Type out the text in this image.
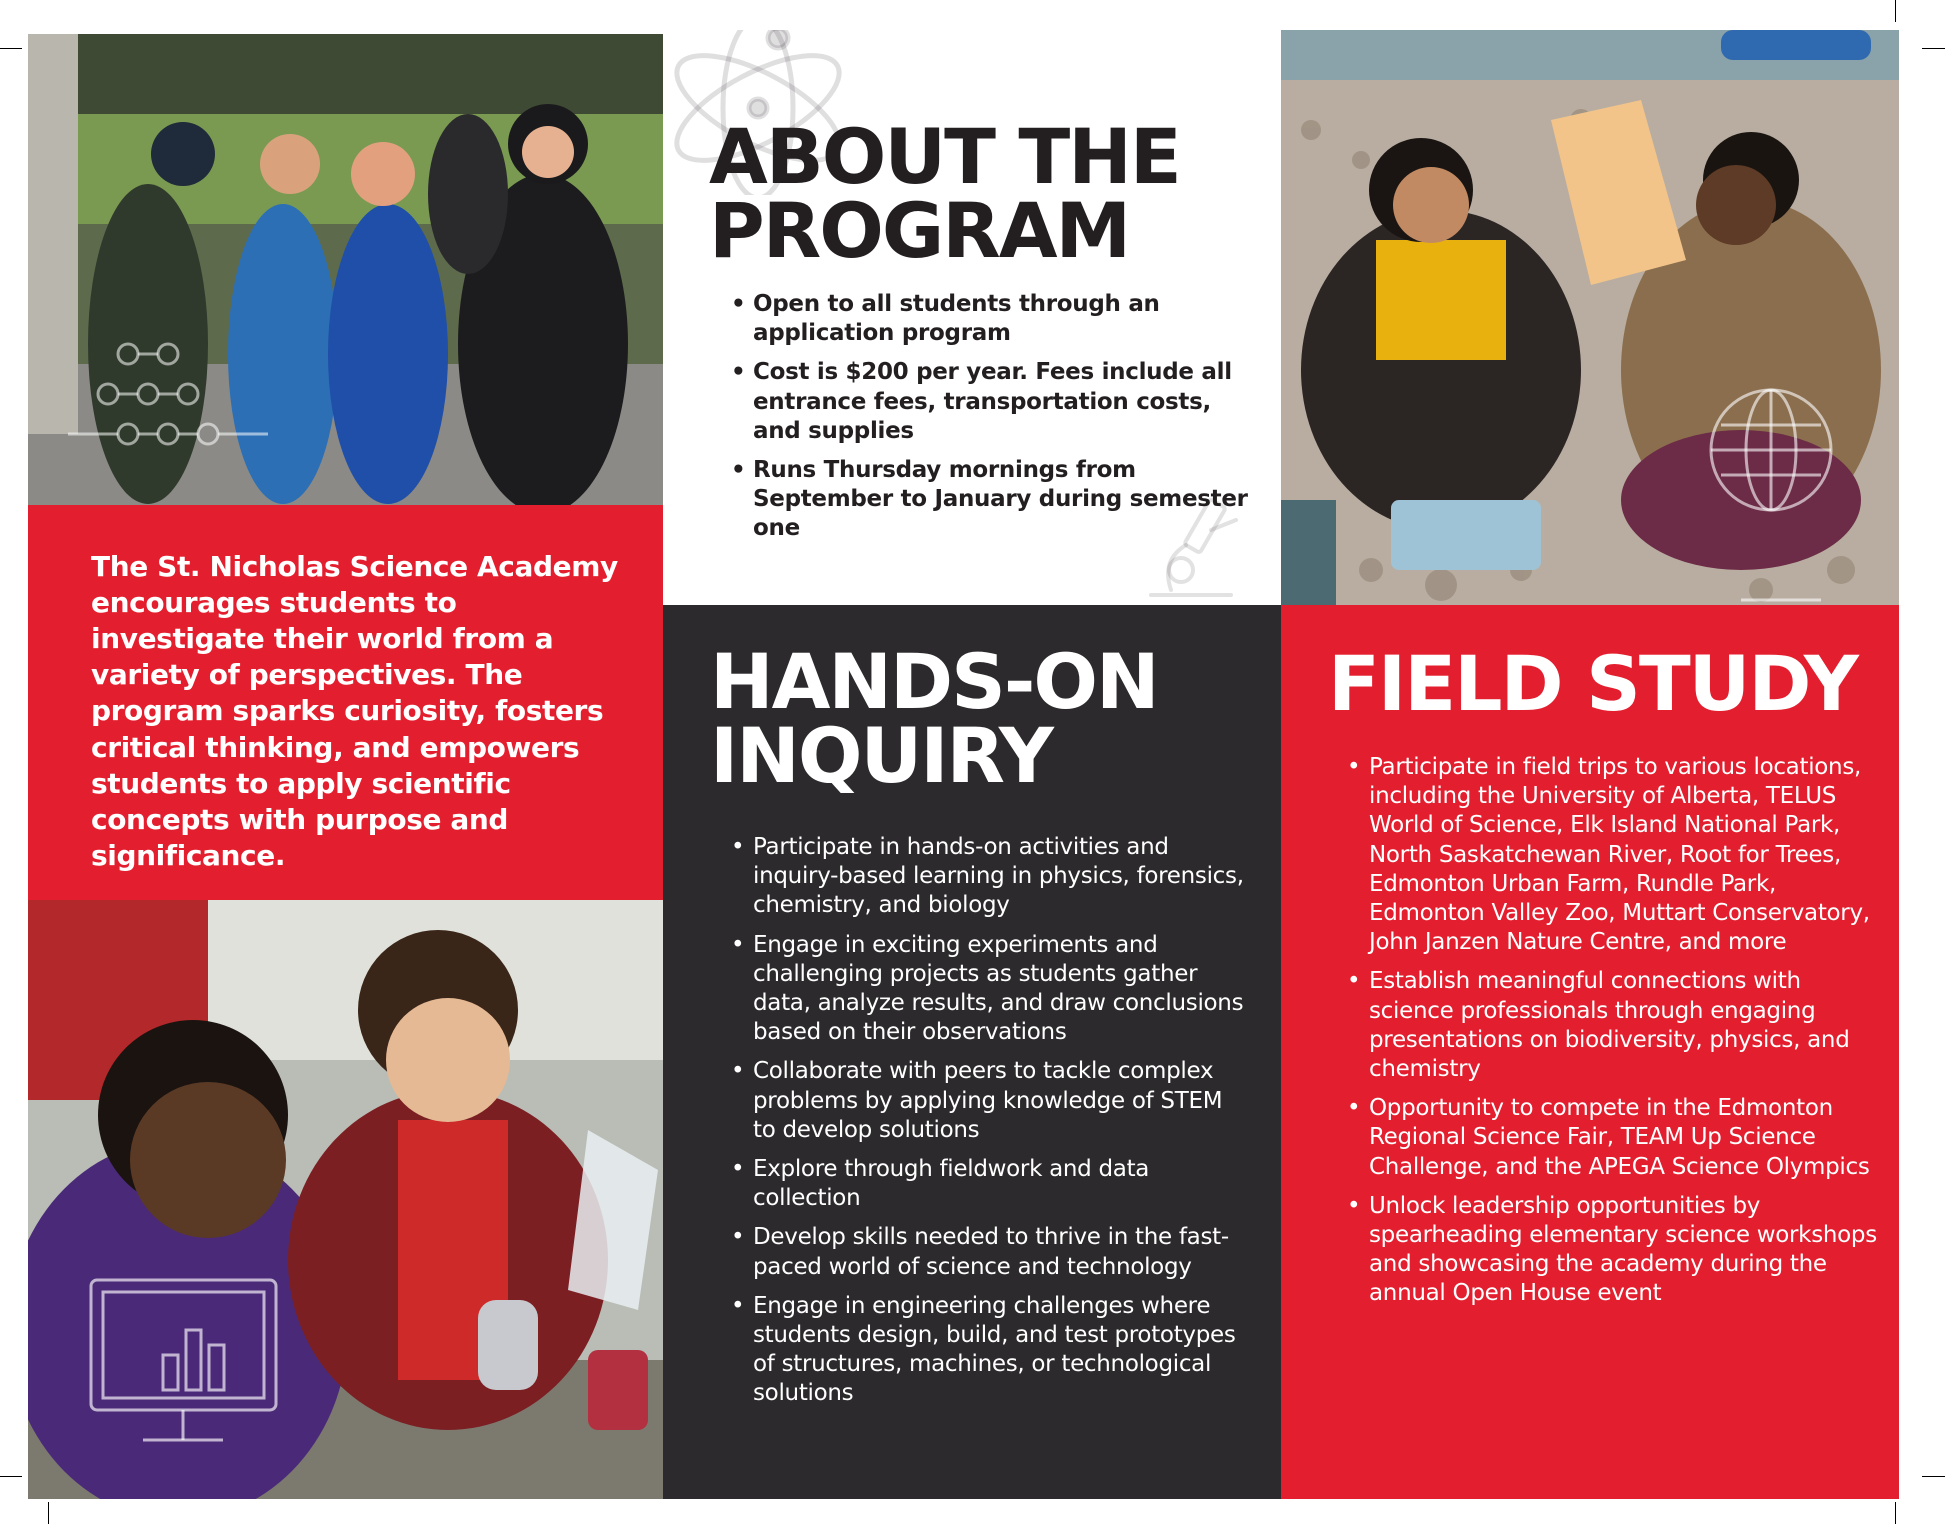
ABOUT THE
PROGRAM
• Open to all students through an application program
• Cost is $200 per year. Fees include all entrance fees, transportation costs, and supplies
• Runs Thursday mornings from September to January during semester one

The St. Nicholas Science Academy encourages students to investigate their world from a variety of perspectives. The program sparks curiosity, fosters critical thinking, and empowers students to apply scientific concepts with purpose and significance.

HANDS-ON
INQUIRY
• Participate in hands-on activities and inquiry-based learning in physics, forensics, chemistry, and biology
• Engage in exciting experiments and challenging projects as students gather data, analyze results, and draw conclusions based on their observations
• Collaborate with peers to tackle complex problems by applying knowledge of STEM to develop solutions
• Explore through fieldwork and data collection
• Develop skills needed to thrive in the fast-paced world of science and technology
• Engage in engineering challenges where students design, build, and test prototypes of structures, machines, or technological solutions
FIELD STUDY
• Participate in field trips to various locations, including the University of Alberta, TELUS World of Science, Elk Island National Park, North Saskatchewan River, Root for Trees, Edmonton Urban Farm, Rundle Park, Edmonton Valley Zoo, Muttart Conservatory, John Janzen Nature Centre, and more
• Establish meaningful connections with science professionals through engaging presentations on biodiversity, physics, and chemistry
• Opportunity to compete in the Edmonton Regional Science Fair, TEAM Up Science Challenge, and the APEGA Science Olympics
• Unlock leadership opportunities by spearheading elementary science workshops and showcasing the academy during the annual Open House event
